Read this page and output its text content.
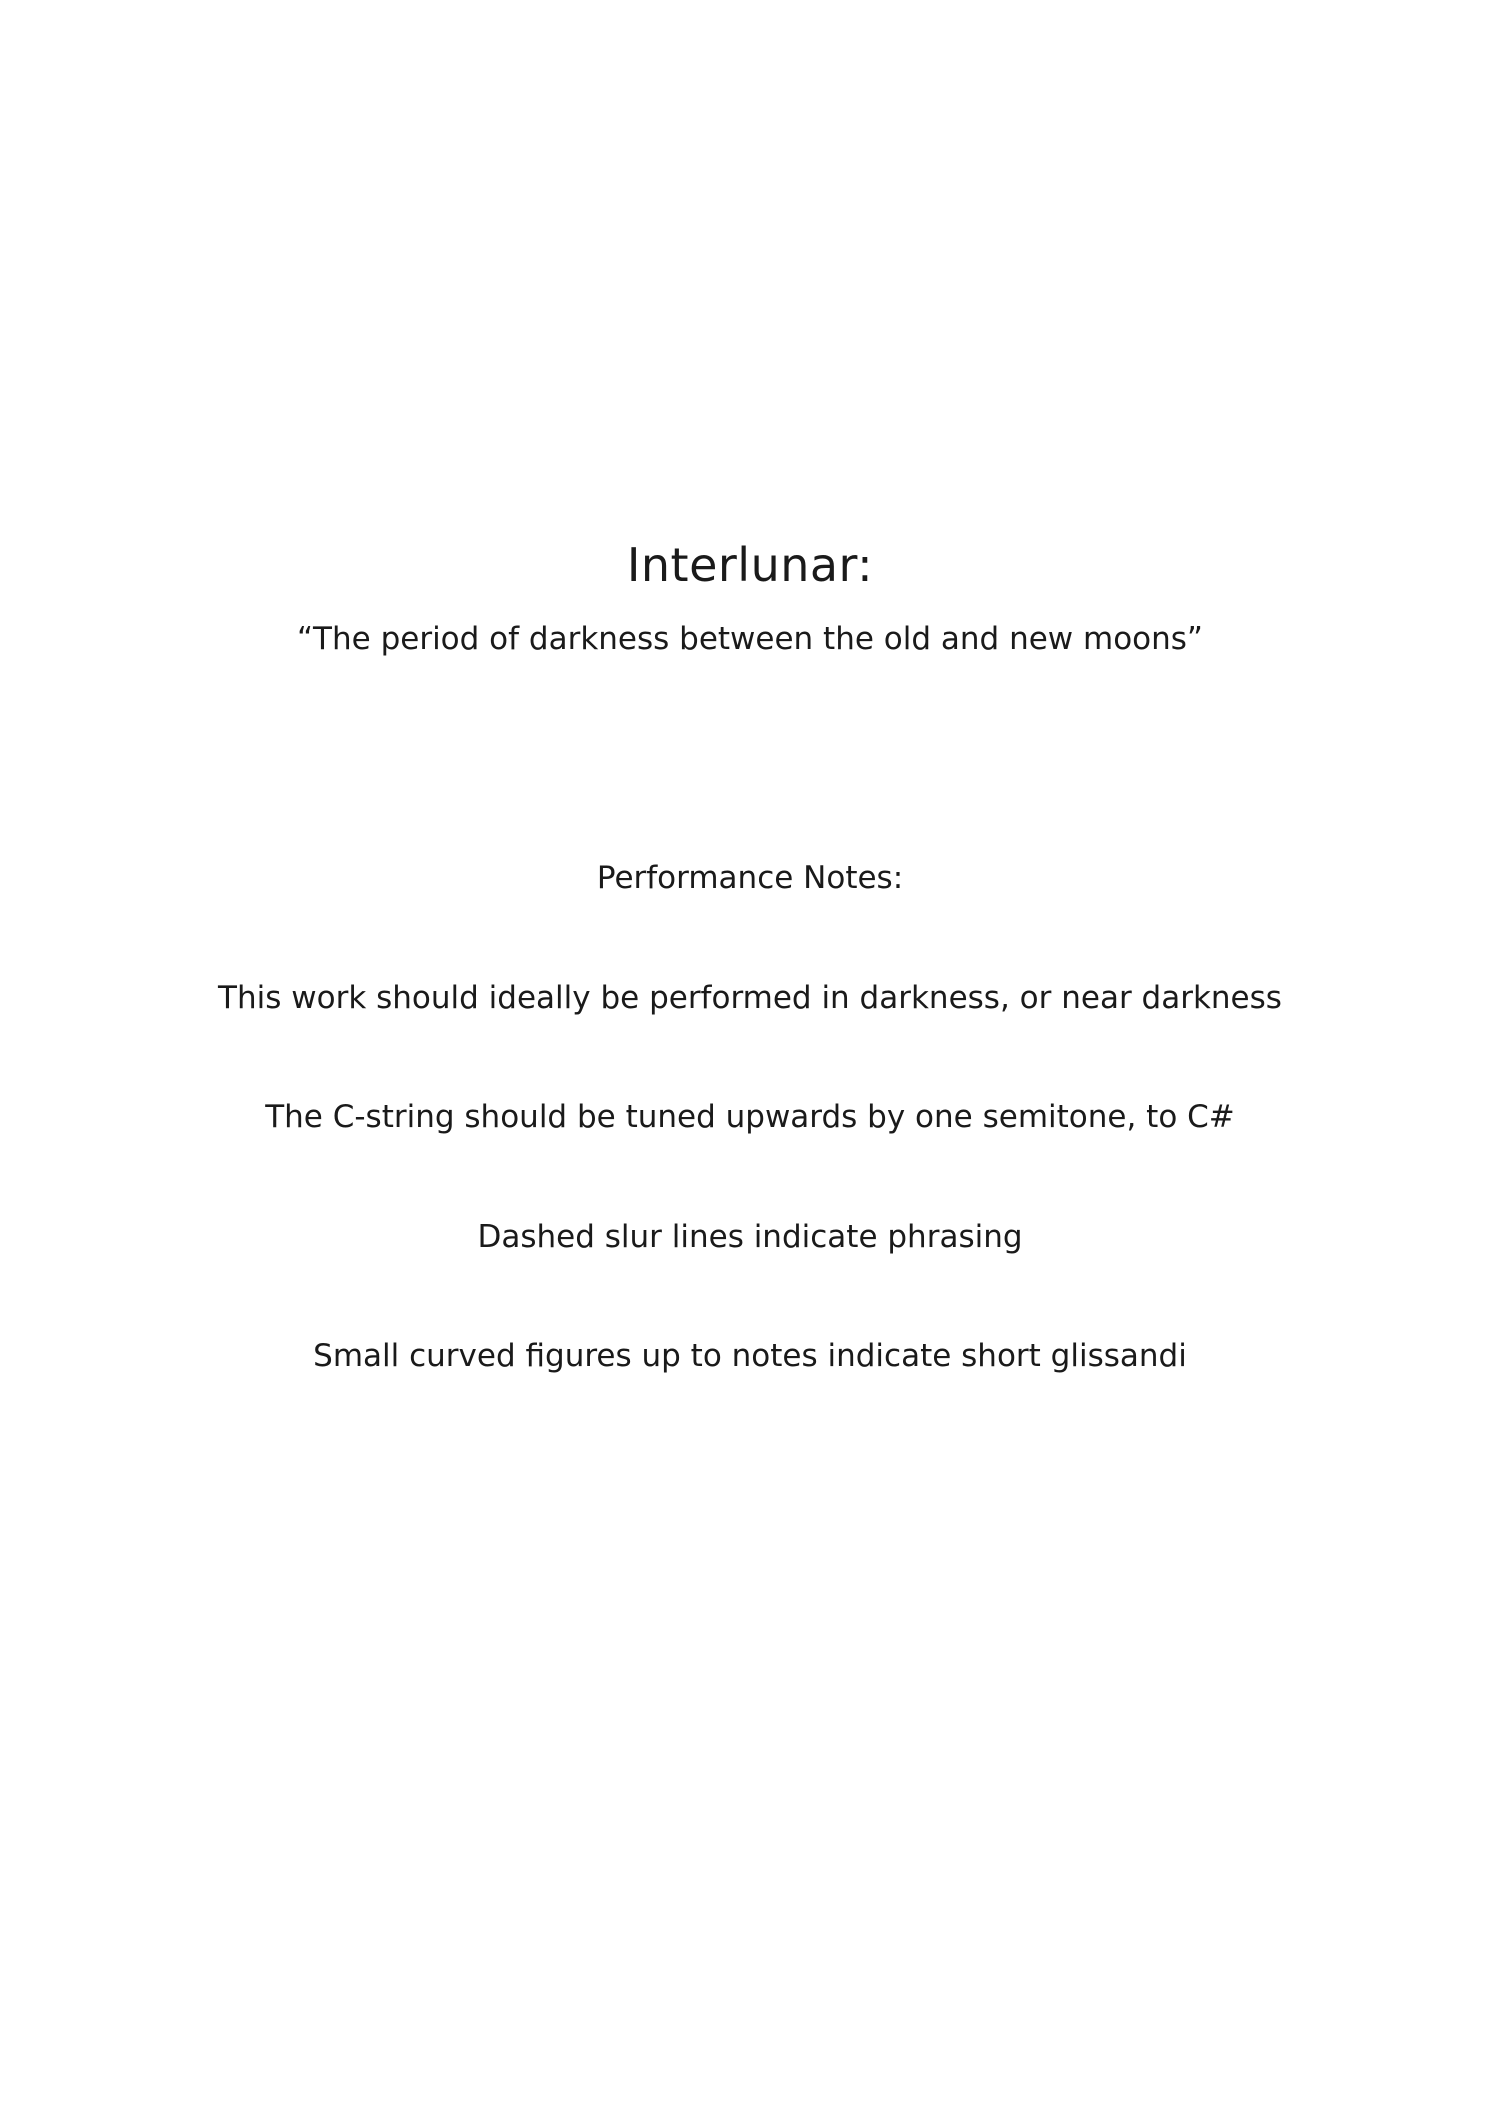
Interlunar:

“The period of darkness between the old and new moons”

Performance Notes:

This work should ideally be performed in darkness, or near darkness

The C-string should be tuned upwards by one semitone, to C#

Dashed slur lines indicate phrasing

Small curved figures up to notes indicate short glissandi
